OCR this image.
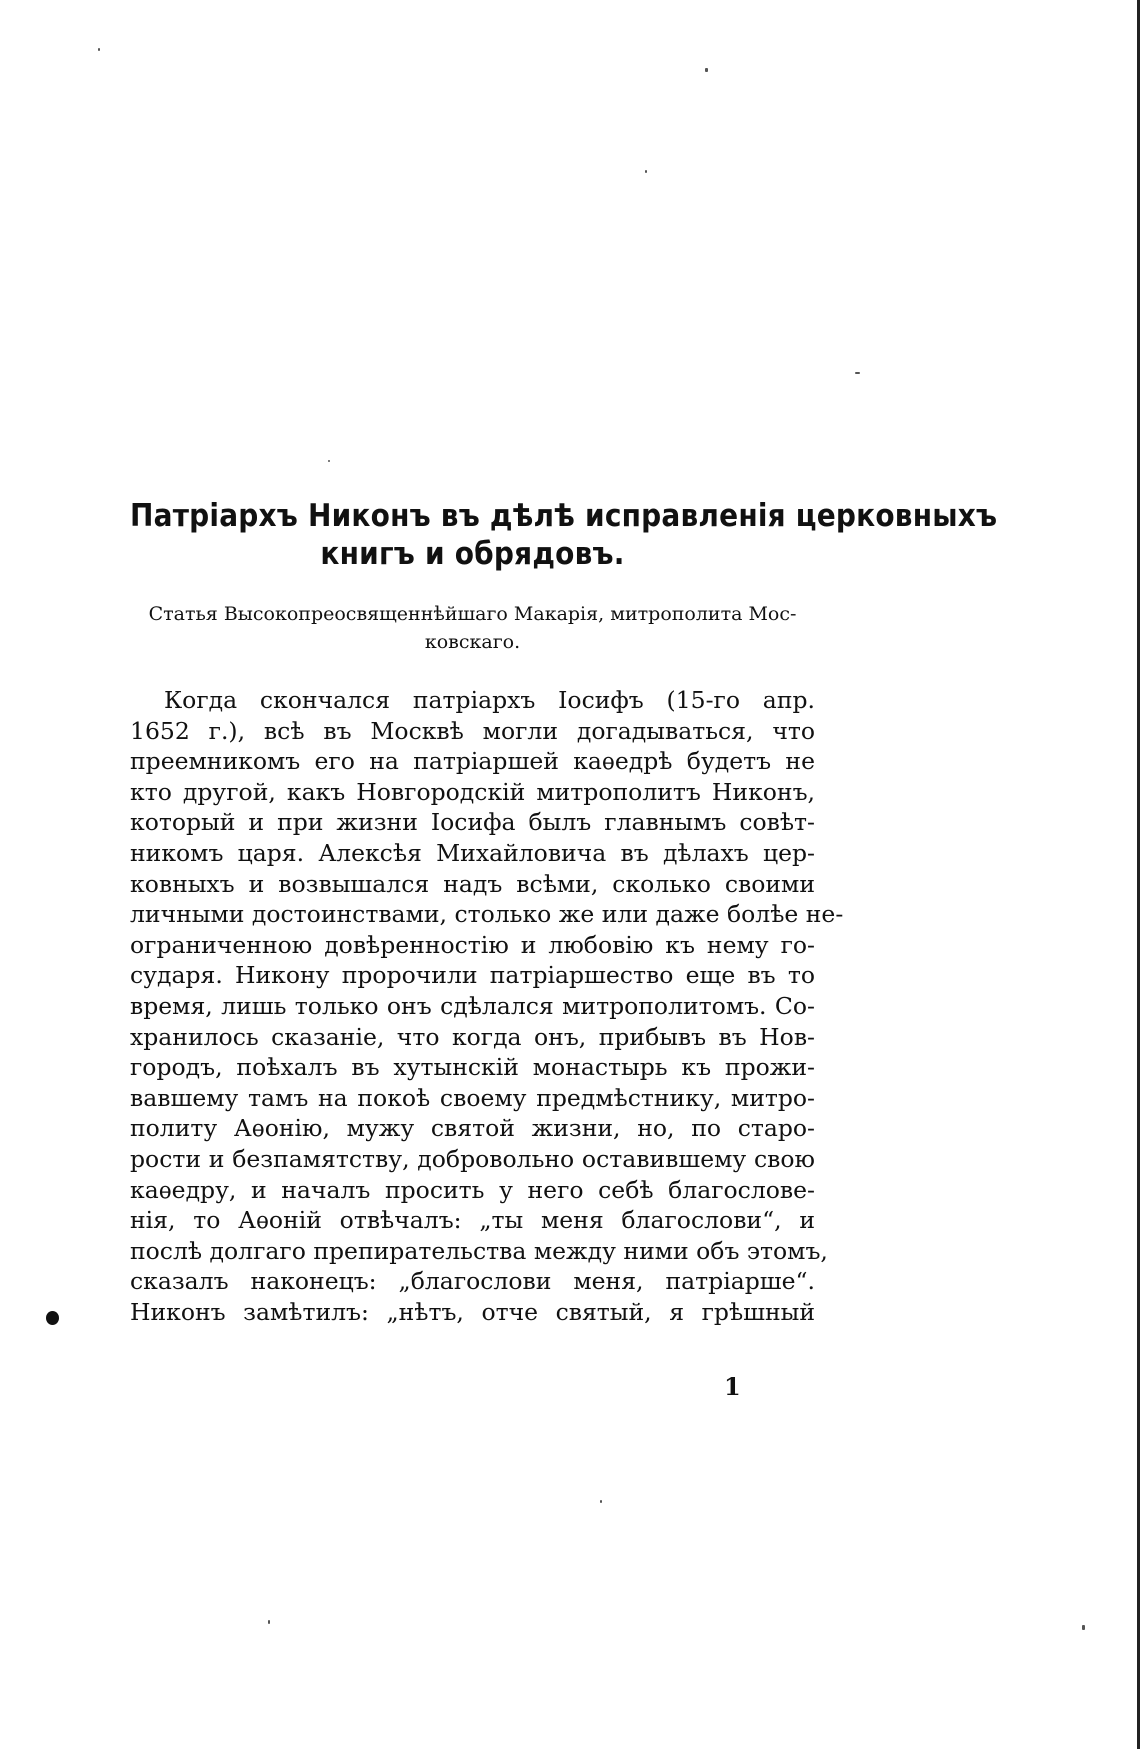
Патріархъ Никонъ въ дѣлѣ исправленія церковныхъ
книгъ и обрядовъ.
Статья Высокопреосвященнѣйшаго Макарія, митрополита Мос-
ковскаго.
Когда скончался патріархъ Іосифъ (15-го апр.
1652 г.), всѣ въ Москвѣ могли догадываться, что
преемникомъ его на патріаршей каѳедрѣ будетъ не
кто другой, какъ Новгородскій митрополитъ Никонъ,
который и при жизни Іосифа былъ главнымъ совѣт-
никомъ царя. Алексѣя Михайловича въ дѣлахъ цер-
ковныхъ и возвышался надъ всѣми, сколько своими
личными достоинствами, столько же или даже болѣе не-
ограниченною довѣренностію и любовію къ нему го-
сударя. Никону пророчили патріаршество еще въ то
время, лишь только онъ сдѣлался митрополитомъ. Со-
хранилось сказаніе, что когда онъ, прибывъ въ Нов-
городъ, поѣхалъ въ хутынскій монастырь къ прожи-
вавшему тамъ на покоѣ своему предмѣстнику, митро-
политу Аѳонію, мужу святой жизни, но, по старо-
рости и безпамятству, добровольно оставившему свою
каѳедру, и началъ просить у него себѣ благослове-
нія, то Аѳоній отвѣчалъ: „ты меня благослови“, и
послѣ долгаго препирательства между ними объ этомъ,
сказалъ наконецъ: „благослови меня, патріарше“.
Никонъ замѣтилъ: „нѣтъ, отче святый, я грѣшный
1
